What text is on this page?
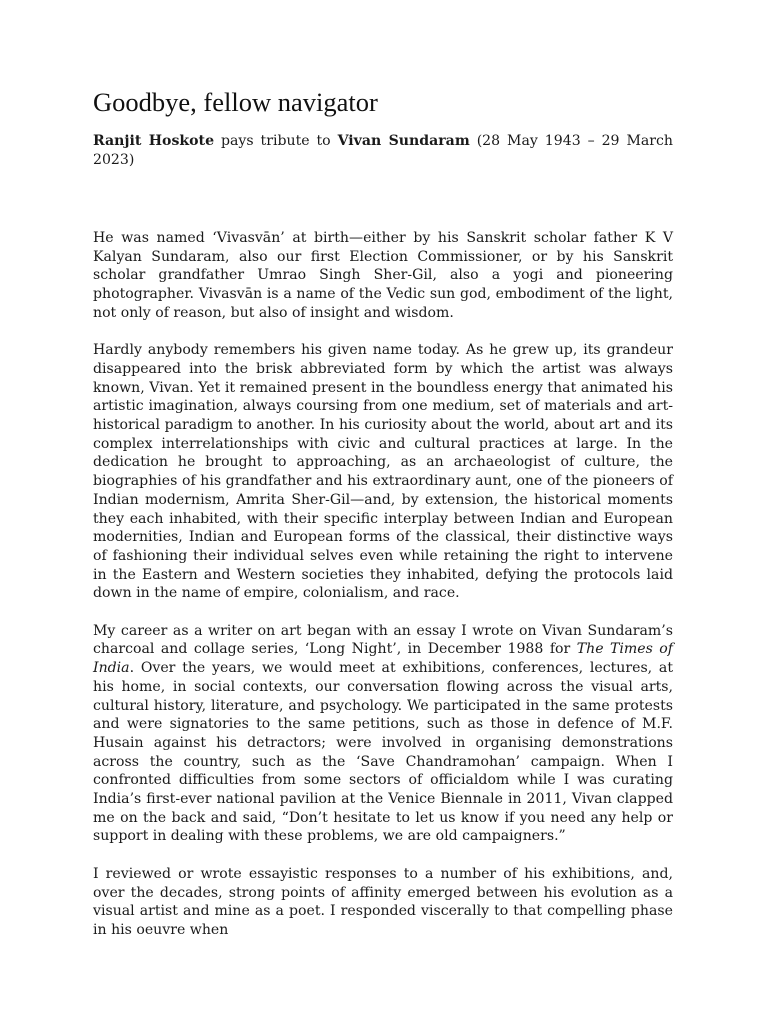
Goodbye, fellow navigator

Ranjit Hoskote pays tribute to Vivan Sundaram (28 May 1943 – 29 March 2023)

He was named ‘Vivasvān’ at birth—either by his Sanskrit scholar father K V Kalyan Sundaram, also our first Election Commissioner, or by his Sanskrit scholar grandfather Umrao Singh Sher-Gil, also a yogi and pioneering photographer. Vivasvān is a name of the Vedic sun god, embodiment of the light, not only of reason, but also of insight and wisdom.

Hardly anybody remembers his given name today. As he grew up, its grandeur disappeared into the brisk abbreviated form by which the artist was always known, Vivan. Yet it remained present in the boundless energy that animated his artistic imagination, always coursing from one medium, set of materials and art-historical paradigm to another. In his curiosity about the world, about art and its complex interrelationships with civic and cultural practices at large. In the dedication he brought to approaching, as an archaeologist of culture, the biographies of his grandfather and his extraordinary aunt, one of the pioneers of Indian modernism, Amrita Sher-Gil—and, by extension, the historical moments they each inhabited, with their specific interplay between Indian and European modernities, Indian and European forms of the classical, their distinctive ways of fashioning their individual selves even while retaining the right to intervene in the Eastern and Western societies they inhabited, defying the protocols laid down in the name of empire, colonialism, and race.

My career as a writer on art began with an essay I wrote on Vivan Sundaram’s charcoal and collage series, ‘Long Night’, in December 1988 for The Times of India. Over the years, we would meet at exhibitions, conferences, lectures, at his home, in social contexts, our conversation flowing across the visual arts, cultural history, literature, and psychology. We participated in the same protests and were signatories to the same petitions, such as those in defence of M.F. Husain against his detractors; were involved in organising demonstrations across the country, such as the ‘Save Chandramohan’ campaign. When I confronted difficulties from some sectors of officialdom while I was curating India’s first-ever national pavilion at the Venice Biennale in 2011, Vivan clapped me on the back and said, “Don’t hesitate to let us know if you need any help or support in dealing with these problems, we are old campaigners.”

I reviewed or wrote essayistic responses to a number of his exhibitions, and, over the decades, strong points of affinity emerged between his evolution as a visual artist and mine as a poet. I responded viscerally to that compelling phase in his oeuvre when
